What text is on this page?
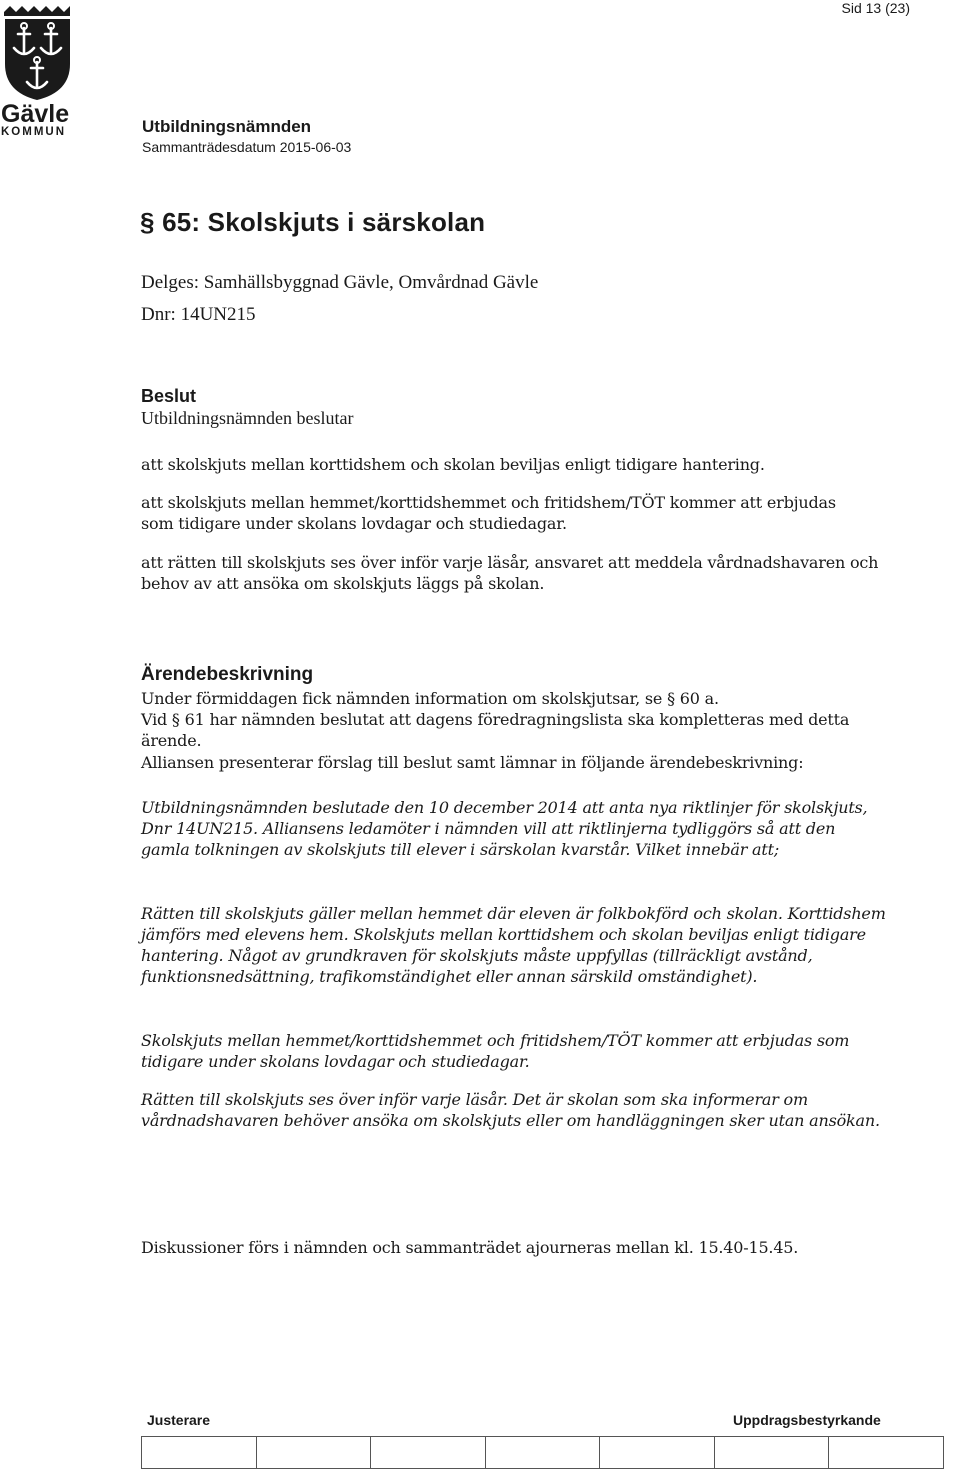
Sid 13 (23)
Gävle
KOMMUN	Utbildningsnämnden
Sammanträdesdatum 2015-06-03
§ 65: Skolskjuts i särskolan
Delges: Samhällsbyggnad Gävle, Omvårdnad Gävle
Dnr: 14UN215
Beslut
Utbildningsnämnden beslutar
att skolskjuts mellan korttidshem och skolan beviljas enligt tidigare hantering.
att skolskjuts mellan hemmet/korttidshemmet och fritidshem/TÖT kommer att erbjudas som tidigare under skolans lovdagar och studiedagar.
att rätten till skolskjuts ses över inför varje läsår, ansvaret att meddela vårdnadshavaren och behov av att ansöka om skolskjuts läggs på skolan.
Ärendebeskrivning
Under förmiddagen fick nämnden information om skolskjutsar, se § 60 a.
Vid § 61 har nämnden beslutat att dagens föredragningslista ska kompletteras med detta ärende.
Alliansen presenterar förslag till beslut samt lämnar in följande ärendebeskrivning:
Utbildningsnämnden beslutade den 10 december 2014 att anta nya riktlinjer för skolskjuts, Dnr 14UN215. Alliansens ledamöter i nämnden vill att riktlinjerna tydliggörs så att den gamla tolkningen av skolskjuts till elever i särskolan kvarstår. Vilket innebär att;
Rätten till skolskjuts gäller mellan hemmet där eleven är folkbokförd och skolan. Korttidshem jämförs med elevens hem. Skolskjuts mellan korttidshem och skolan beviljas enligt tidigare hantering. Något av grundkraven för skolskjuts måste uppfyllas (tillräckligt avstånd, funktionsnedsättning, trafikomständighet eller annan särskild omständighet).
Skolskjuts mellan hemmet/korttidshemmet och fritidshem/TÖT kommer att erbjudas som tidigare under skolans lovdagar och studiedagar.
Rätten till skolskjuts ses över inför varje läsår. Det är skolan som ska informerar om vårdnadshavaren behöver ansöka om skolskjuts eller om handläggningen sker utan ansökan.
Diskussioner förs i nämnden och sammanträdet ajourneras mellan kl. 15.40-15.45.
Justerare	Uppdragsbestyrkande
